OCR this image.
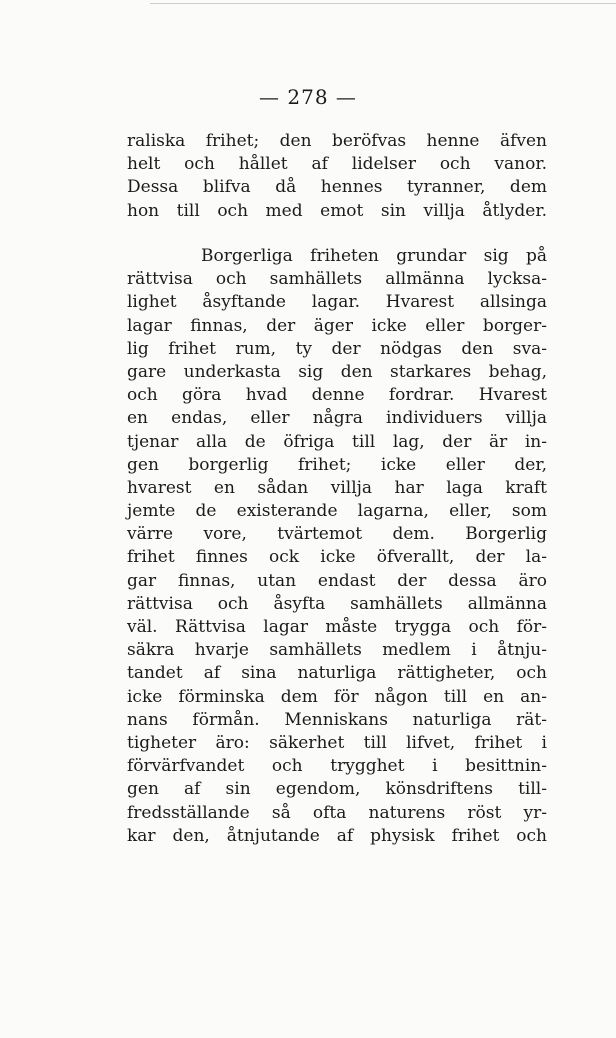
— 278 —

raliska frihet; den beröfvas henne äfven
helt och hållet af lidelser och vanor.
Dessa blifva då hennes tyranner, dem
hon till och med emot sin villja åtlyder.

Borgerliga friheten grundar sig på
rättvisa och samhällets allmänna lycksa-
lighet åsyftande lagar. Hvarest allsinga
lagar finnas, der äger icke eller borger-
lig frihet rum, ty der nödgas den sva-
gare underkasta sig den starkares behag,
och göra hvad denne fordrar. Hvarest
en endas, eller några individuers villja
tjenar alla de öfriga till lag, der är in-
gen borgerlig frihet; icke eller der,
hvarest en sådan villja har laga kraft
jemte de existerande lagarna, eller, som
värre vore, tvärtemot dem. Borgerlig
frihet finnes ock icke öfverallt, der la-
gar finnas, utan endast der dessa äro
rättvisa och åsyfta samhällets allmänna
väl. Rättvisa lagar måste trygga och för-
säkra hvarje samhällets medlem i åtnju-
tandet af sina naturliga rättigheter, och
icke förminska dem för någon till en an-
nans förmån. Menniskans naturliga rät-
tigheter äro: säkerhet till lifvet, frihet i
förvärfvandet och trygghet i besittnin-
gen af sin egendom, könsdriftens till-
fredsställande så ofta naturens röst yr-
kar den, åtnjutande af physisk frihet och
